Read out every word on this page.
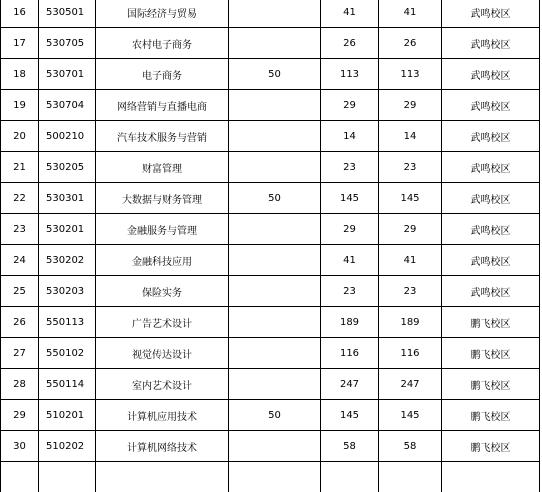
16	530501	国际经济与贸易		41	41	武鸣校区
17	530705	农村电子商务		26	26	武鸣校区
18	530701	电子商务	50	113	113	武鸣校区
19	530704	网络营销与直播电商		29	29	武鸣校区
20	500210	汽车技术服务与营销		14	14	武鸣校区
21	530205	财富管理		23	23	武鸣校区
22	530301	大数据与财务管理	50	145	145	武鸣校区
23	530201	金融服务与管理		29	29	武鸣校区
24	530202	金融科技应用		41	41	武鸣校区
25	530203	保险实务		23	23	武鸣校区
26	550113	广告艺术设计		189	189	鹏飞校区
27	550102	视觉传达设计		116	116	鹏飞校区
28	550114	室内艺术设计		247	247	鹏飞校区
29	510201	计算机应用技术	50	145	145	鹏飞校区
30	510202	计算机网络技术		58	58	鹏飞校区
